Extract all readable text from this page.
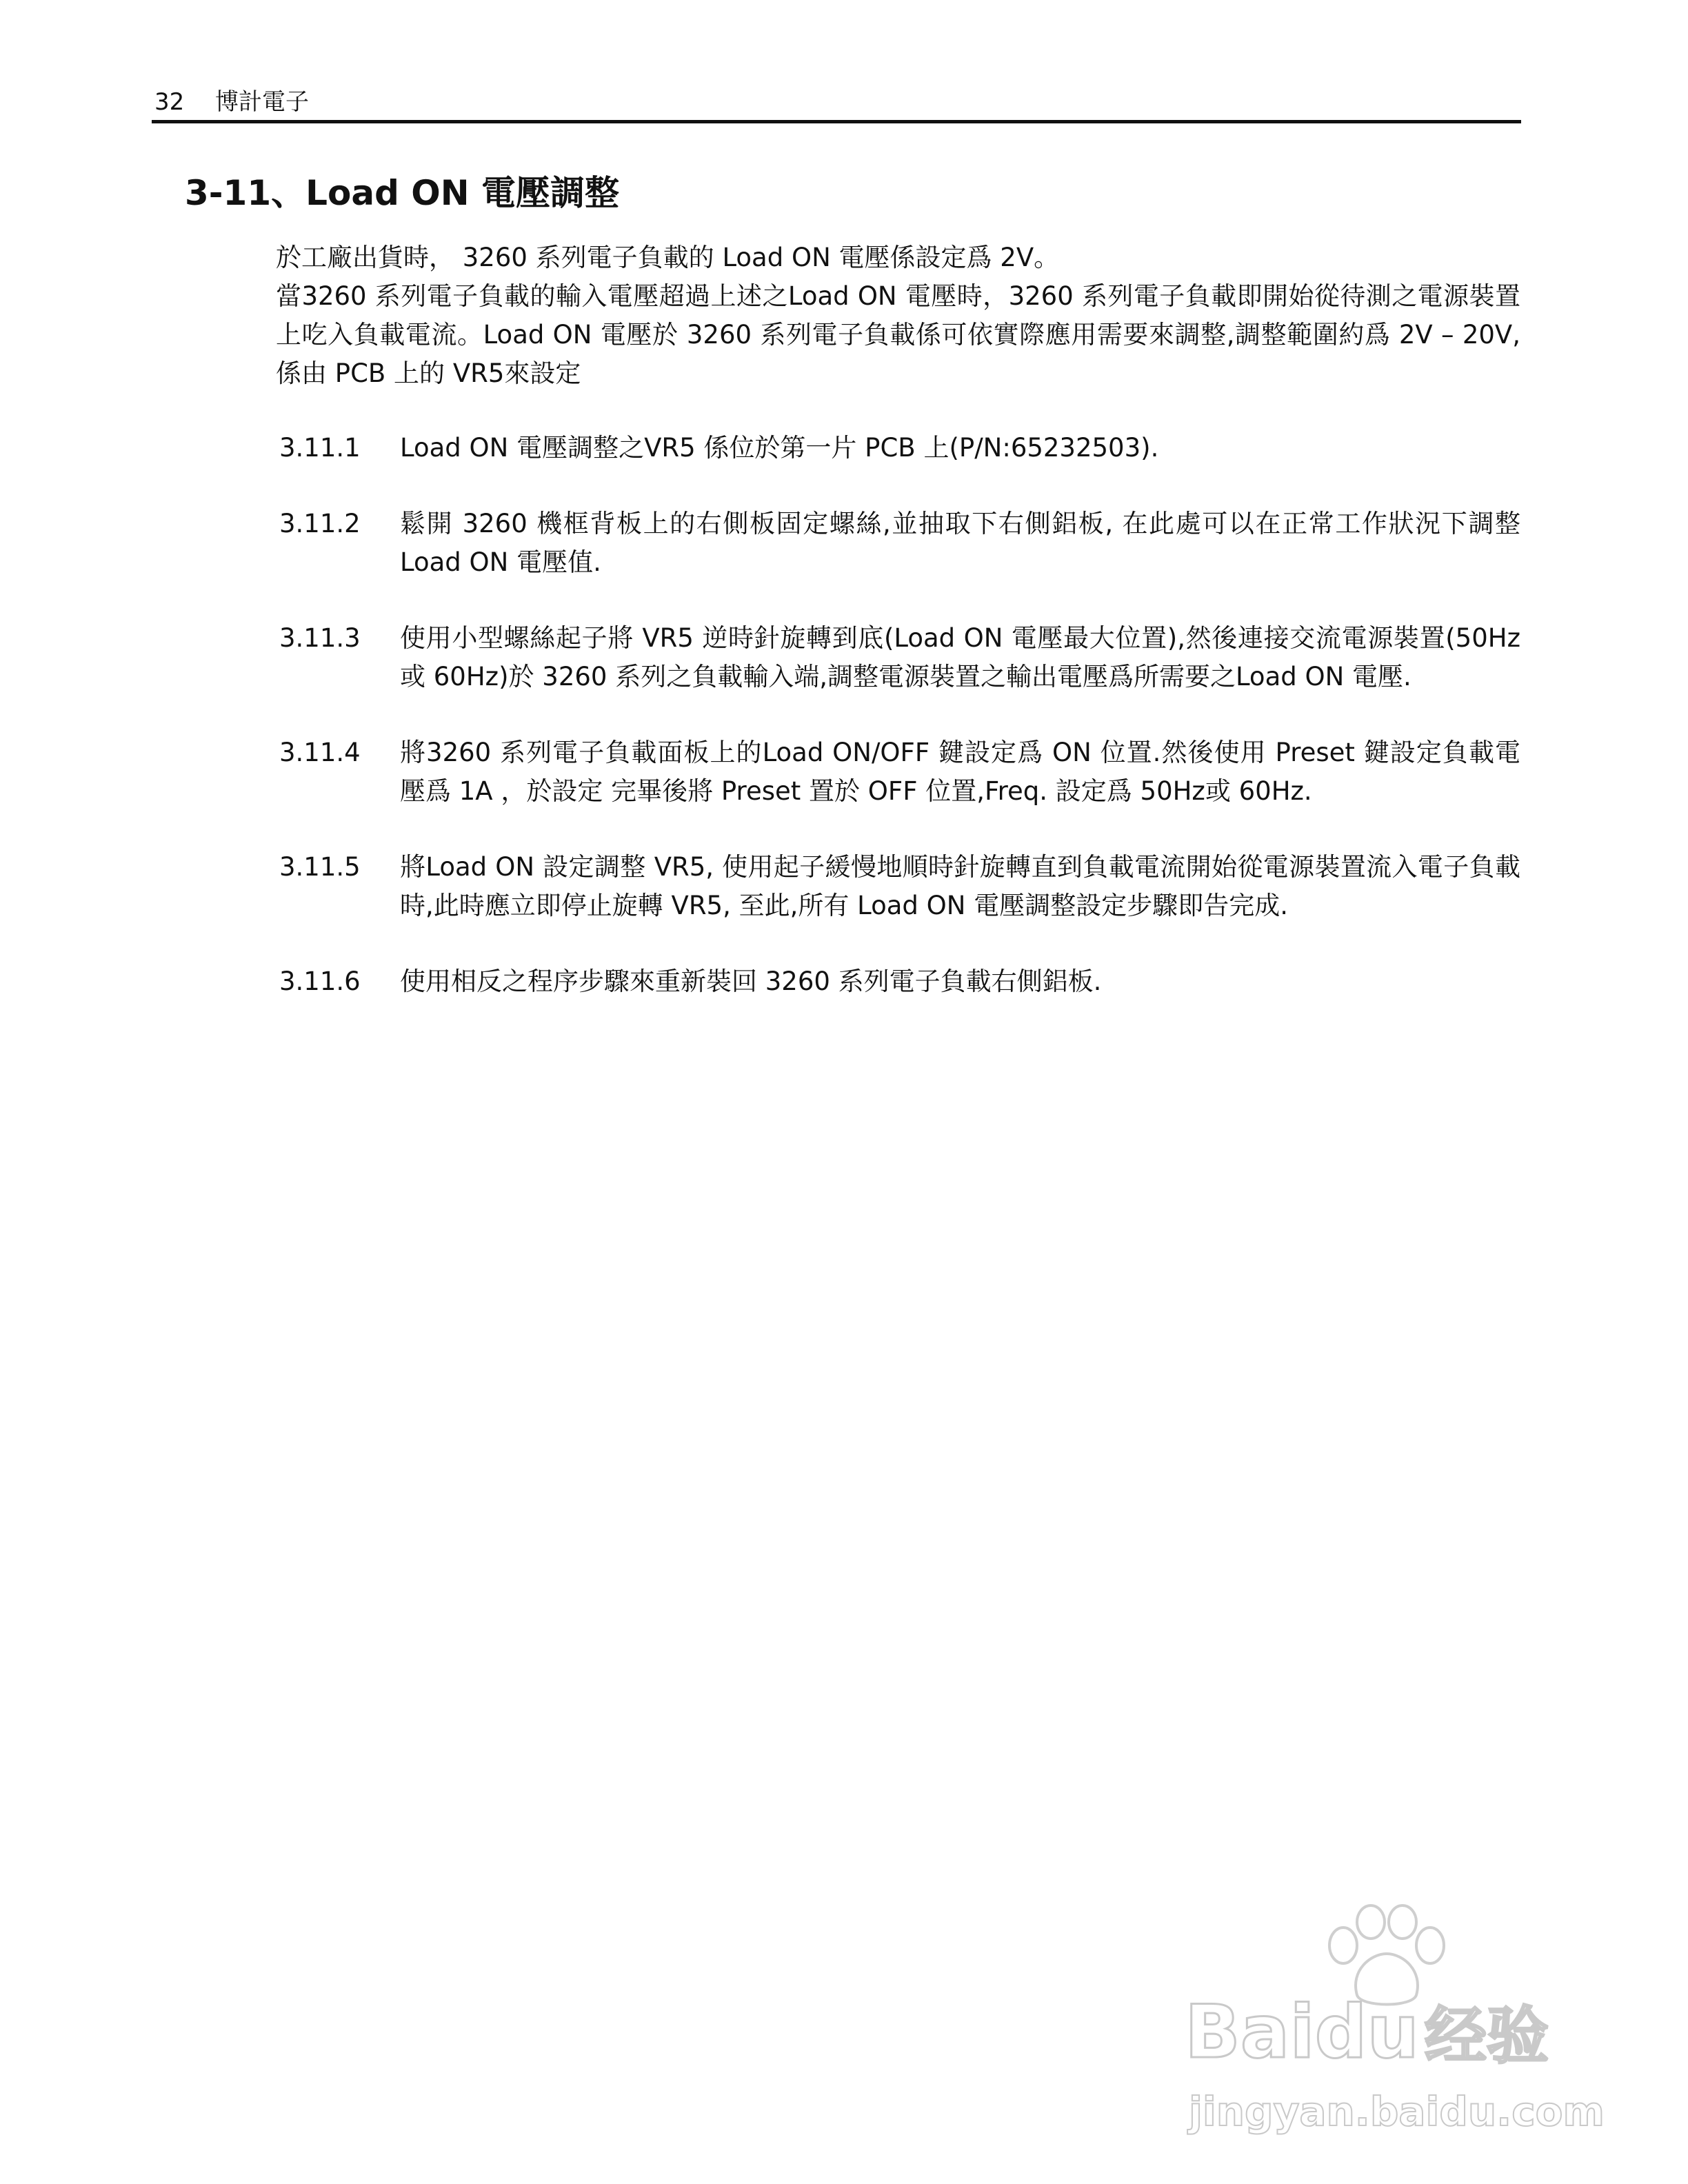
32 博計電子
3-11、Load ON 電壓調整

於工廠出貨時， 3260 系列電子負載的 Load ON 電壓係設定爲 2V。

當3260 系列電子負載的輸入電壓超過上述之Load ON 電壓時，3260 系列電子負載即開始從待測之電源裝置上吃入負載電流。Load ON 電壓於 3260 系列電子負載係可依實際應用需要來調整,調整範圍約爲 2V – 20V, 係由 PCB 上的 VR5來設定

3.11.1	Load ON 電壓調整之VR5 係位於第一片 PCB 上(P/N:65232503).
3.11.2	鬆開 3260 機框背板上的右側板固定螺絲,並抽取下右側鋁板, 在此處可以在正常工作狀況下調整 Load ON 電壓值.
3.11.3	使用小型螺絲起子將 VR5 逆時針旋轉到底(Load ON 電壓最大位置),然後連接交流電源裝置(50Hz或 60Hz)於 3260 系列之負載輸入端,調整電源裝置之輸出電壓爲所需要之Load ON 電壓.
3.11.4	將3260 系列電子負載面板上的Load ON/OFF 鍵設定爲 ON 位置.然後使用 Preset 鍵設定負載電壓爲 1A ，於設定 完畢後將 Preset 置於 OFF 位置,Freq. 設定爲 50Hz或 60Hz.
3.11.5	將Load ON 設定調整 VR5, 使用起子緩慢地順時針旋轉直到負載電流開始從電源裝置流入電子負載時,此時應立即停止旋轉 VR5, 至此,所有 Load ON 電壓調整設定步驟即告完成.
3.11.6	使用相反之程序步驟來重新裝回 3260 系列電子負載右側鋁板.
Baidu经验
jingyan.baidu.com
